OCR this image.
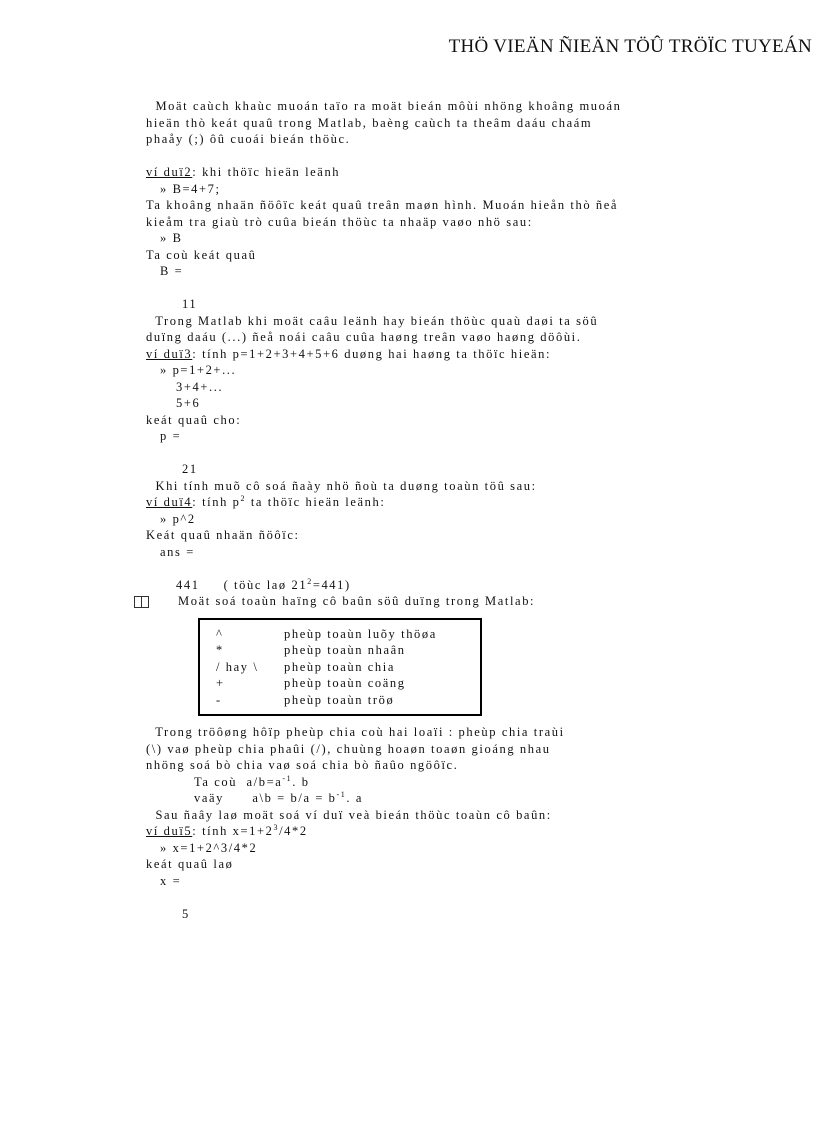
THÖ VIEÄN ÑIEÄN TÖÛ TRÖÏC TUYEÁN
Moät caùch khaùc muoán taïo ra moät bieán môùi nhöng khoâng muoán
hieän thò keát quaû trong Matlab, baèng caùch ta theâm daáu chaám
phaåy (;) ôû cuoái bieán thöùc.
ví duï2: khi thöïc hieän leänh
» B=4+7;
Ta khoâng nhaän ñöôïc keát quaû treân maøn hình. Muoán hieån thò ñeå
kieåm tra giaù trò cuûa bieán thöùc ta nhaäp vaøo nhö sau:
» B
Ta coù keát quaû
B =
11
Trong Matlab khi moät caâu leänh hay bieán thöùc quaù daøi ta söû
duïng daáu (...) ñeå noái caâu cuûa haøng treân vaøo haøng döôùi.
ví duï3: tính p=1+2+3+4+5+6 duøng hai haøng ta thöïc hieän:
» p=1+2+...
3+4+...
5+6
keát quaû cho:
p =
21
Khi tính muõ cô soá ñaày nhö ñoù ta duøng toaùn töû sau:
ví duï4: tính $p^2$ ta thöïc hieän leänh:
» p^2
Keát quaû nhaän ñöôïc:
ans =
441 ( töùc laø $21^2=441$)
Moät soá toaùn haïng cô baûn söû duïng trong Matlab:
^	pheùp toaùn luõy thöøa
*	pheùp toaùn nhaân
/ hay \	pheùp toaùn chia
+	pheùp toaùn coäng
-	pheùp toaùn tröø
Trong tröôøng hôïp pheùp chia coù hai loaïi : pheùp chia traùi
(\) vaø pheùp chia phaûi (/), chuùng hoaøn toaøn gioáng nhau
nhöng soá bò chia vaø soá chia bò ñaûo ngöôïc.
Ta coù  $a/b=a^{-1}$. b
vaäy      a\b = $b/a = b^{-1}$. a
Sau ñaây laø moät soá ví duï veà bieán thöùc toaùn cô baûn:
ví duï5: tính $x=1+2^3/4*2$
» x=1+2^3/4*2
keát quaû laø
x =
5
